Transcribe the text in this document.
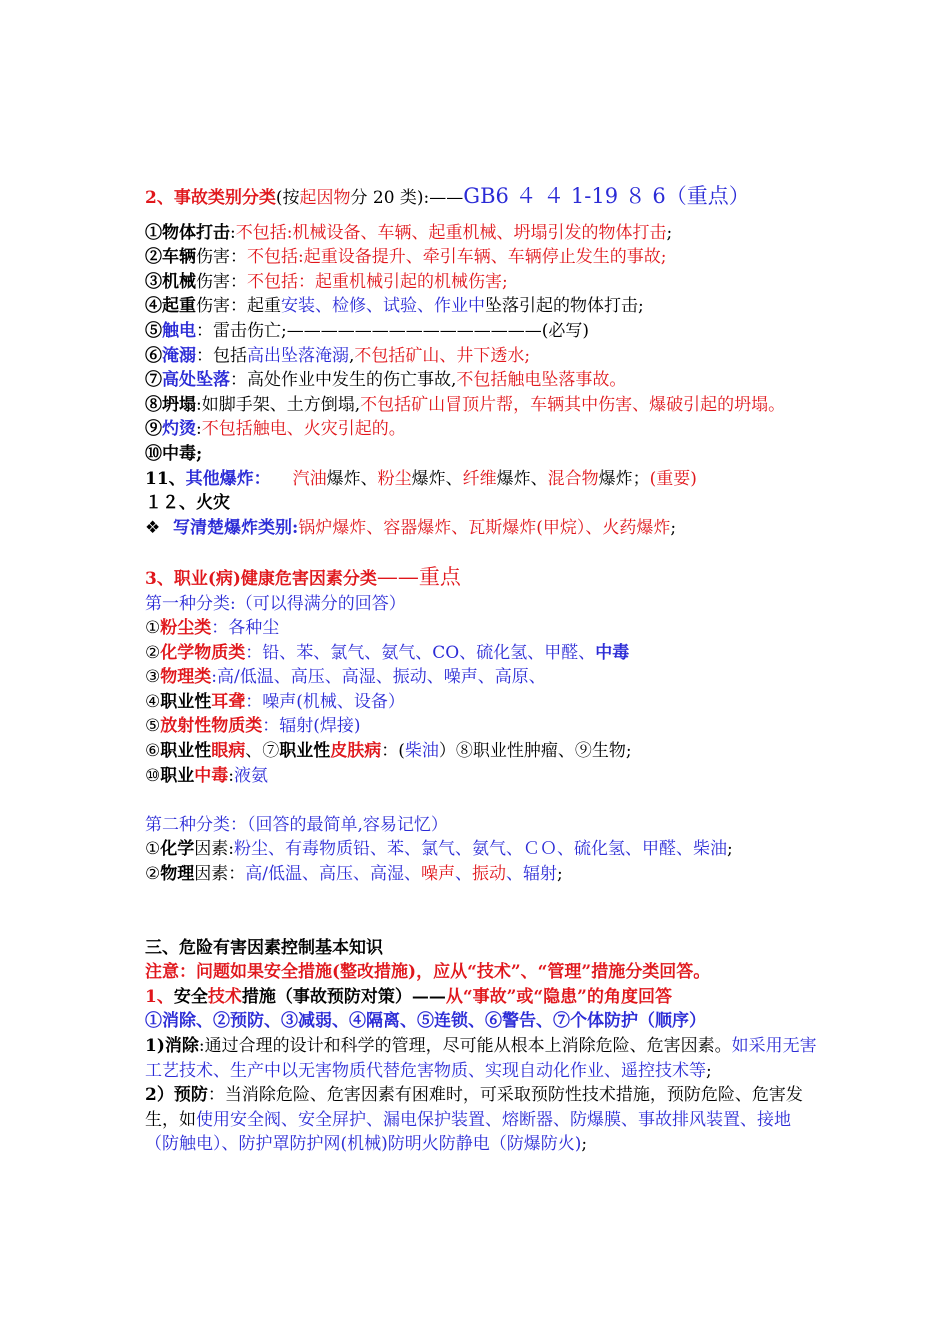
2、事故类别分类(按起因物分 20 类):——GB6 ４ ４ 1-19 ８ 6（重点）
①物体打击:不包括:机械设备、车辆、起重机械、坍塌引发的物体打击;
②车辆伤害：不包括:起重设备提升、牵引车辆、车辆停止发生的事故;
③机械伤害：不包括：起重机械引起的机械伤害;
④起重伤害：起重安装、检修、试验、作业中坠落引起的物体打击;
⑤触电：雷击伤亡;———————————————(必写)
⑥淹溺：包括高出坠落淹溺,不包括矿山、井下透水;
⑦高处坠落：高处作业中发生的伤亡事故,不包括触电坠落事故。
⑧坍塌:如脚手架、土方倒塌,不包括矿山冒顶片帮，车辆其中伤害、爆破引起的坍塌。
⑨灼烫:不包括触电、火灾引起的。
⑩中毒;
11、其他爆炸： 汽油爆炸、粉尘爆炸、纤维爆炸、混合物爆炸；(重要)
１２、火灾
❖ 写清楚爆炸类别:锅炉爆炸、容器爆炸、瓦斯爆炸(甲烷）、火药爆炸;
3、职业(病)健康危害因素分类——重点
第一种分类:（可以得满分的回答）
①粉尘类：各种尘
②化学物质类：铅、苯、氯气、氨气、CO、硫化氢、甲醛、中毒
③物理类:高/低温、高压、高湿、振动、噪声、高原、
④职业性耳聋：噪声(机械、设备）
⑤放射性物质类：辐射(焊接)
⑥职业性眼病、⑦职业性皮肤病：(柴油）⑧职业性肿瘤、⑨生物;
⑩职业中毒:液氨
第二种分类：（回答的最简单,容易记忆）
①化学因素:粉尘、有毒物质铅、苯、氯气、氨气、ＣＯ、硫化氢、甲醛、柴油;
②物理因素：高/低温、高压、高湿、噪声、振动、辐射;
三、危险有害因素控制基本知识
注意：问题如果安全措施(整改措施)，应从“技术”、“管理”措施分类回答。
1、安全技术措施（事故预防对策）——从“事故”或“隐患”的角度回答
①消除、②预防、③减弱、④隔离、⑤连锁、⑥警告、⑦个体防护（顺序）
1)消除:通过合理的设计和科学的管理，尽可能从根本上消除危险、危害因素。如采用无害工艺技术、生产中以无害物质代替危害物质、实现自动化作业、遥控技术等;
2）预防：当消除危险、危害因素有困难时，可采取预防性技术措施，预防危险、危害发生，如使用安全阀、安全屏护、漏电保护装置、熔断器、防爆膜、事故排风装置、接地（防触电）、防护罩防护网(机械)防明火防静电（防爆防火);
